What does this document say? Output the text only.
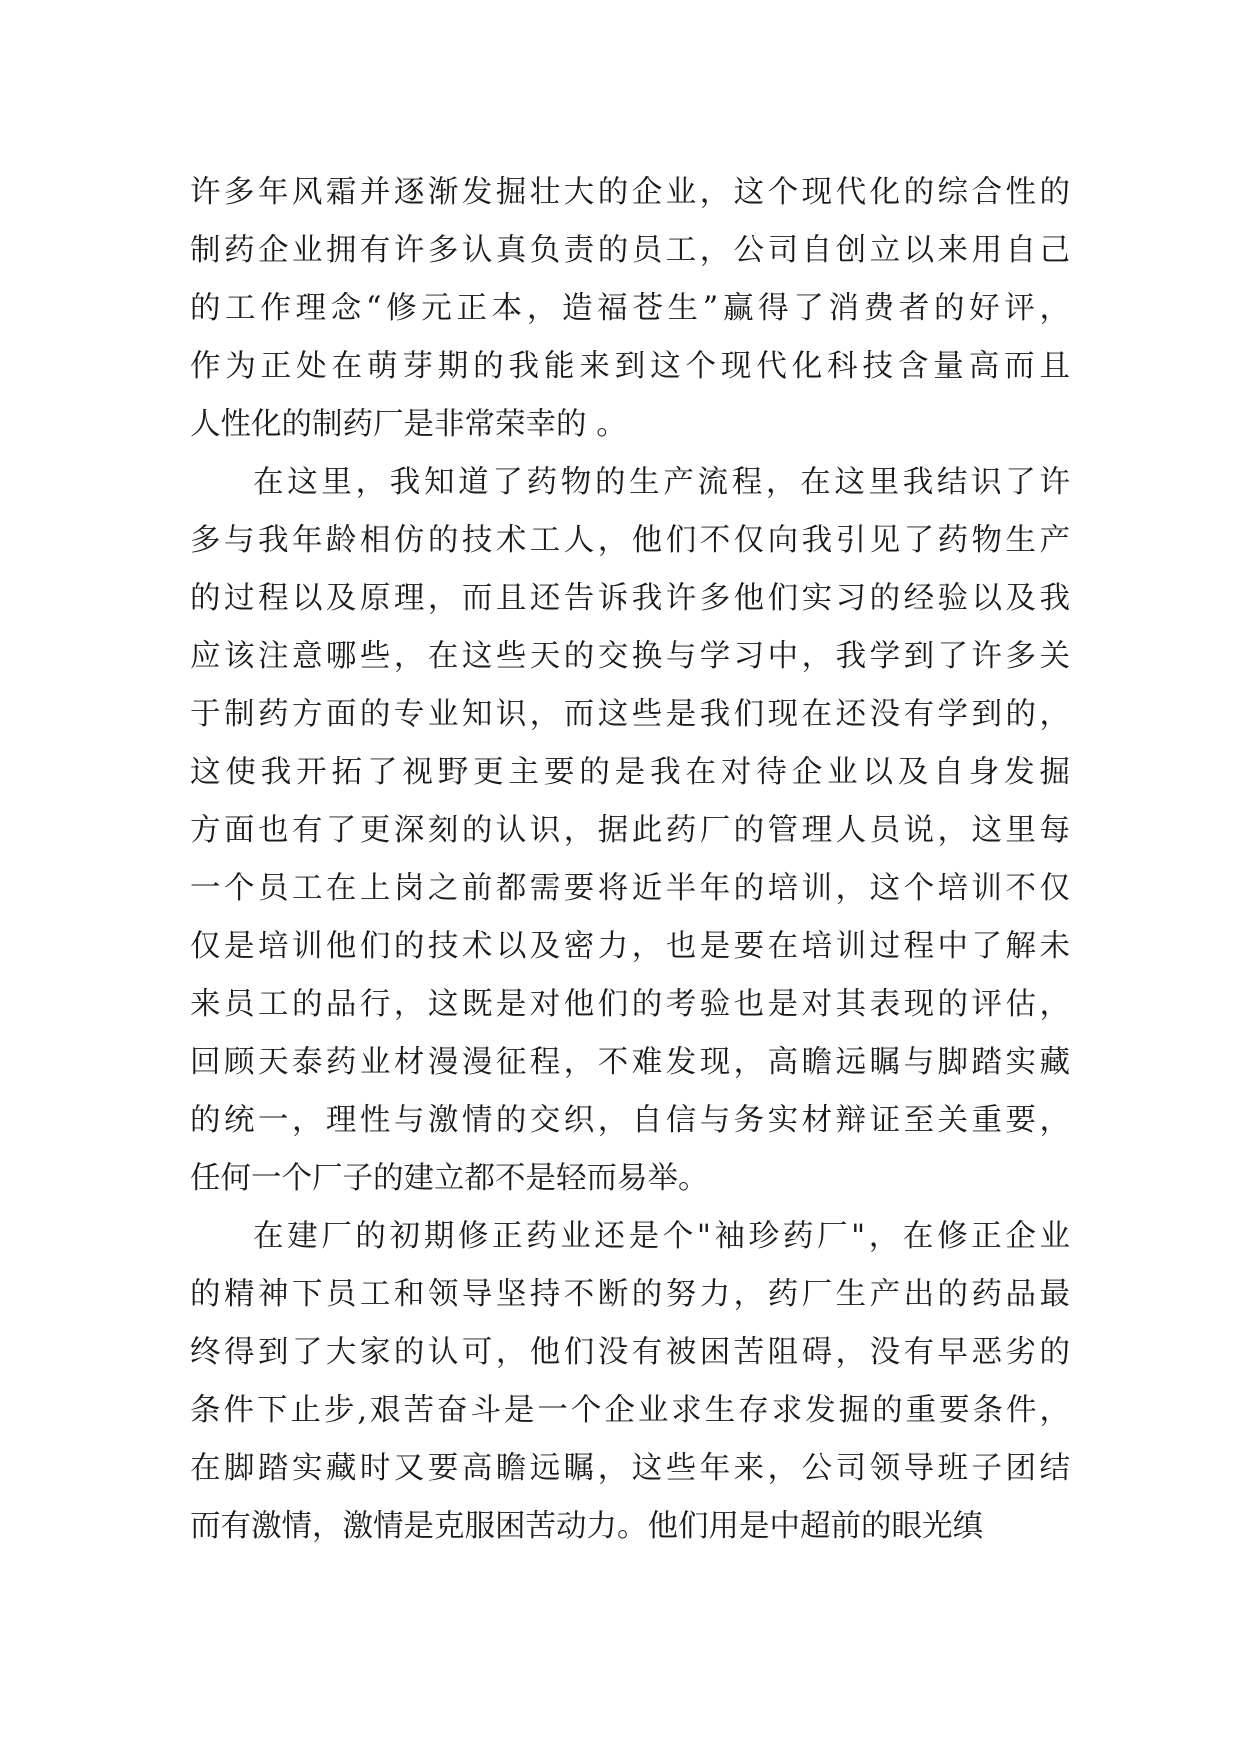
许多年风霜并逐渐发掘壮大的企业，这个现代化的综合性的
制药企业拥有许多认真负责的员工，公司自创立以来用自己
的工作理念“修元正本，造福苍生”赢得了消费者的好评，
作为正处在萌芽期的我能来到这个现代化科技含量高而且
人性化的制药厂是非常荣幸的 。
在这里，我知道了药物的生产流程，在这里我结识了许
多与我年龄相仿的技术工人，他们不仅向我引见了药物生产
的过程以及原理，而且还告诉我许多他们实习的经验以及我
应该注意哪些，在这些天的交换与学习中，我学到了许多关
于制药方面的专业知识，而这些是我们现在还没有学到的，
这使我开拓了视野更主要的是我在对待企业以及自身发掘
方面也有了更深刻的认识，据此药厂的管理人员说，这里每
一个员工在上岗之前都需要将近半年的培训，这个培训不仅
仅是培训他们的技术以及密力，也是要在培训过程中了解未
来员工的品行，这既是对他们的考验也是对其表现的评估，
回顾天泰药业材漫漫征程，不难发现，高瞻远瞩与脚踏实藏
的统一，理性与激情的交织，自信与务实材辩证至关重要，
任何一个厂子的建立都不是轻而易举。
在建厂的初期修正药业还是个"袖珍药厂"，在修正企业
的精神下员工和领导坚持不断的努力，药厂生产出的药品最
终得到了大家的认可，他们没有被困苦阻碍，没有早恶劣的
条件下止步,艰苦奋斗是一个企业求生存求发掘的重要条件，
在脚踏实藏时又要高瞻远瞩，这些年来，公司领导班子团结
而有激情，激情是克服困苦动力。他们用是中超前的眼光缜
